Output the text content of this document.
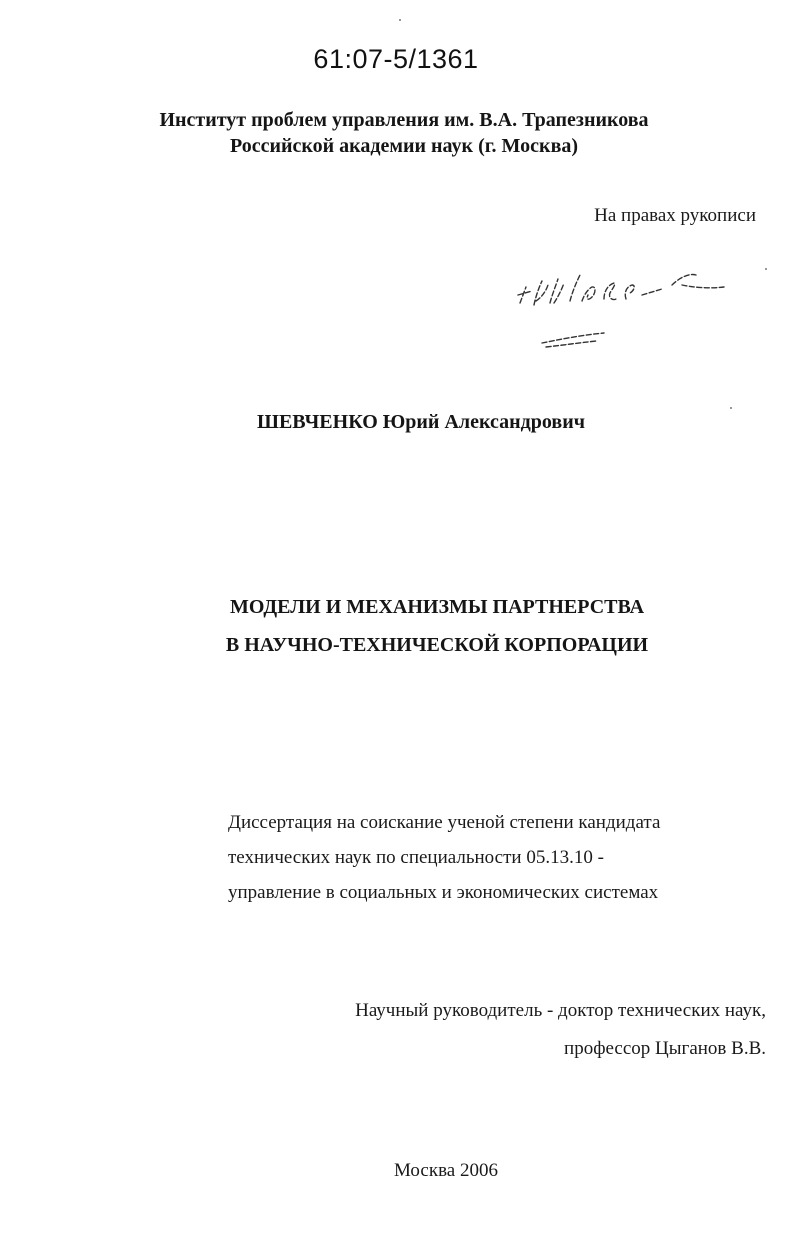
61:07-5/1361
Институт проблем управления им. В.А. Трапезникова
Российской академии наук (г. Москва)
На правах рукописи
ШЕВЧЕНКО Юрий Александрович
МОДЕЛИ И МЕХАНИЗМЫ ПАРТНЕРСТВА
В НАУЧНО-ТЕХНИЧЕСКОЙ КОРПОРАЦИИ
Диссертация на соискание ученой степени кандидата
технических наук по специальности 05.13.10 -
управление в социальных и экономических системах
Научный руководитель - доктор технических наук,
профессор Цыганов В.В.
Москва 2006
